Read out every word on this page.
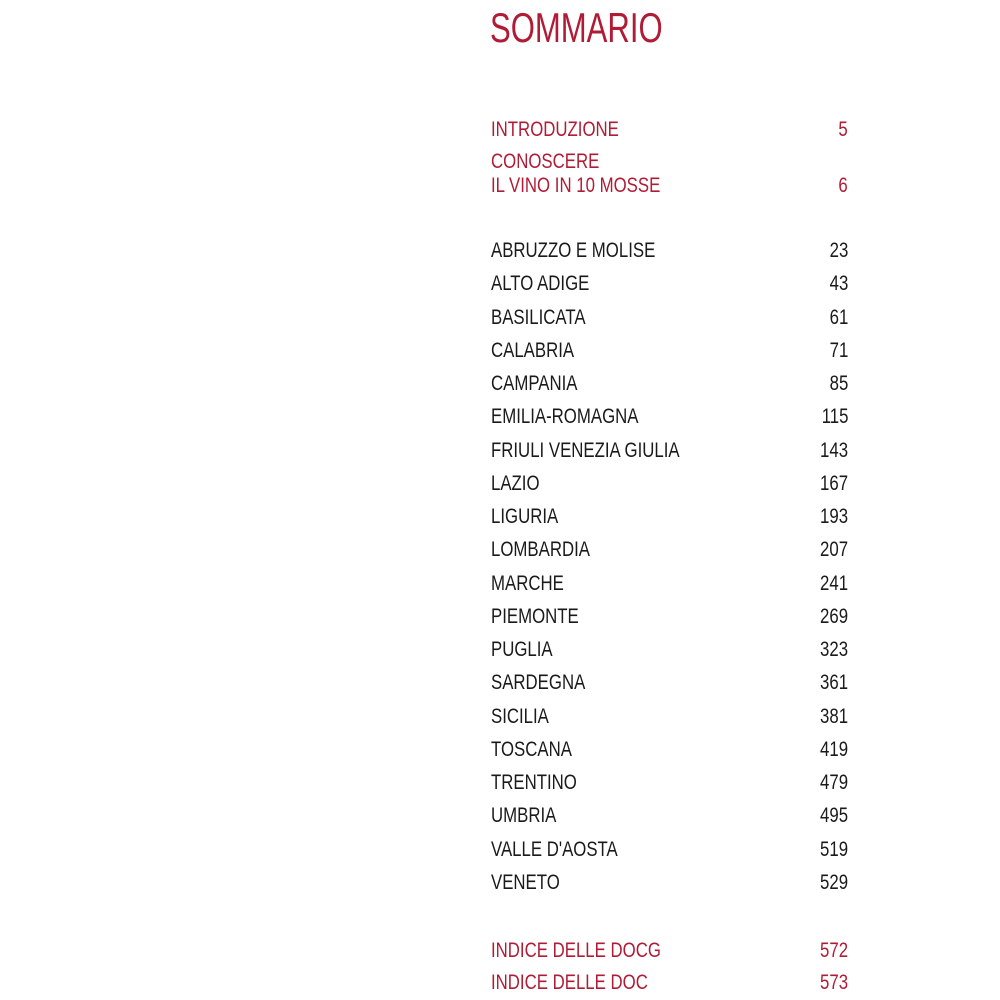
SOMMARIO
INTRODUZIONE	5
CONOSCERE
IL VINO IN 10 MOSSE	6
ABRUZZO E MOLISE	23
ALTO ADIGE	43
BASILICATA	61
CALABRIA	71
CAMPANIA	85
EMILIA-ROMAGNA	115
FRIULI VENEZIA GIULIA	143
LAZIO	167
LIGURIA	193
LOMBARDIA	207
MARCHE	241
PIEMONTE	269
PUGLIA	323
SARDEGNA	361
SICILIA	381
TOSCANA	419
TRENTINO	479
UMBRIA	495
VALLE D'AOSTA	519
VENETO	529
INDICE DELLE DOCG	572
INDICE DELLE DOC	573
